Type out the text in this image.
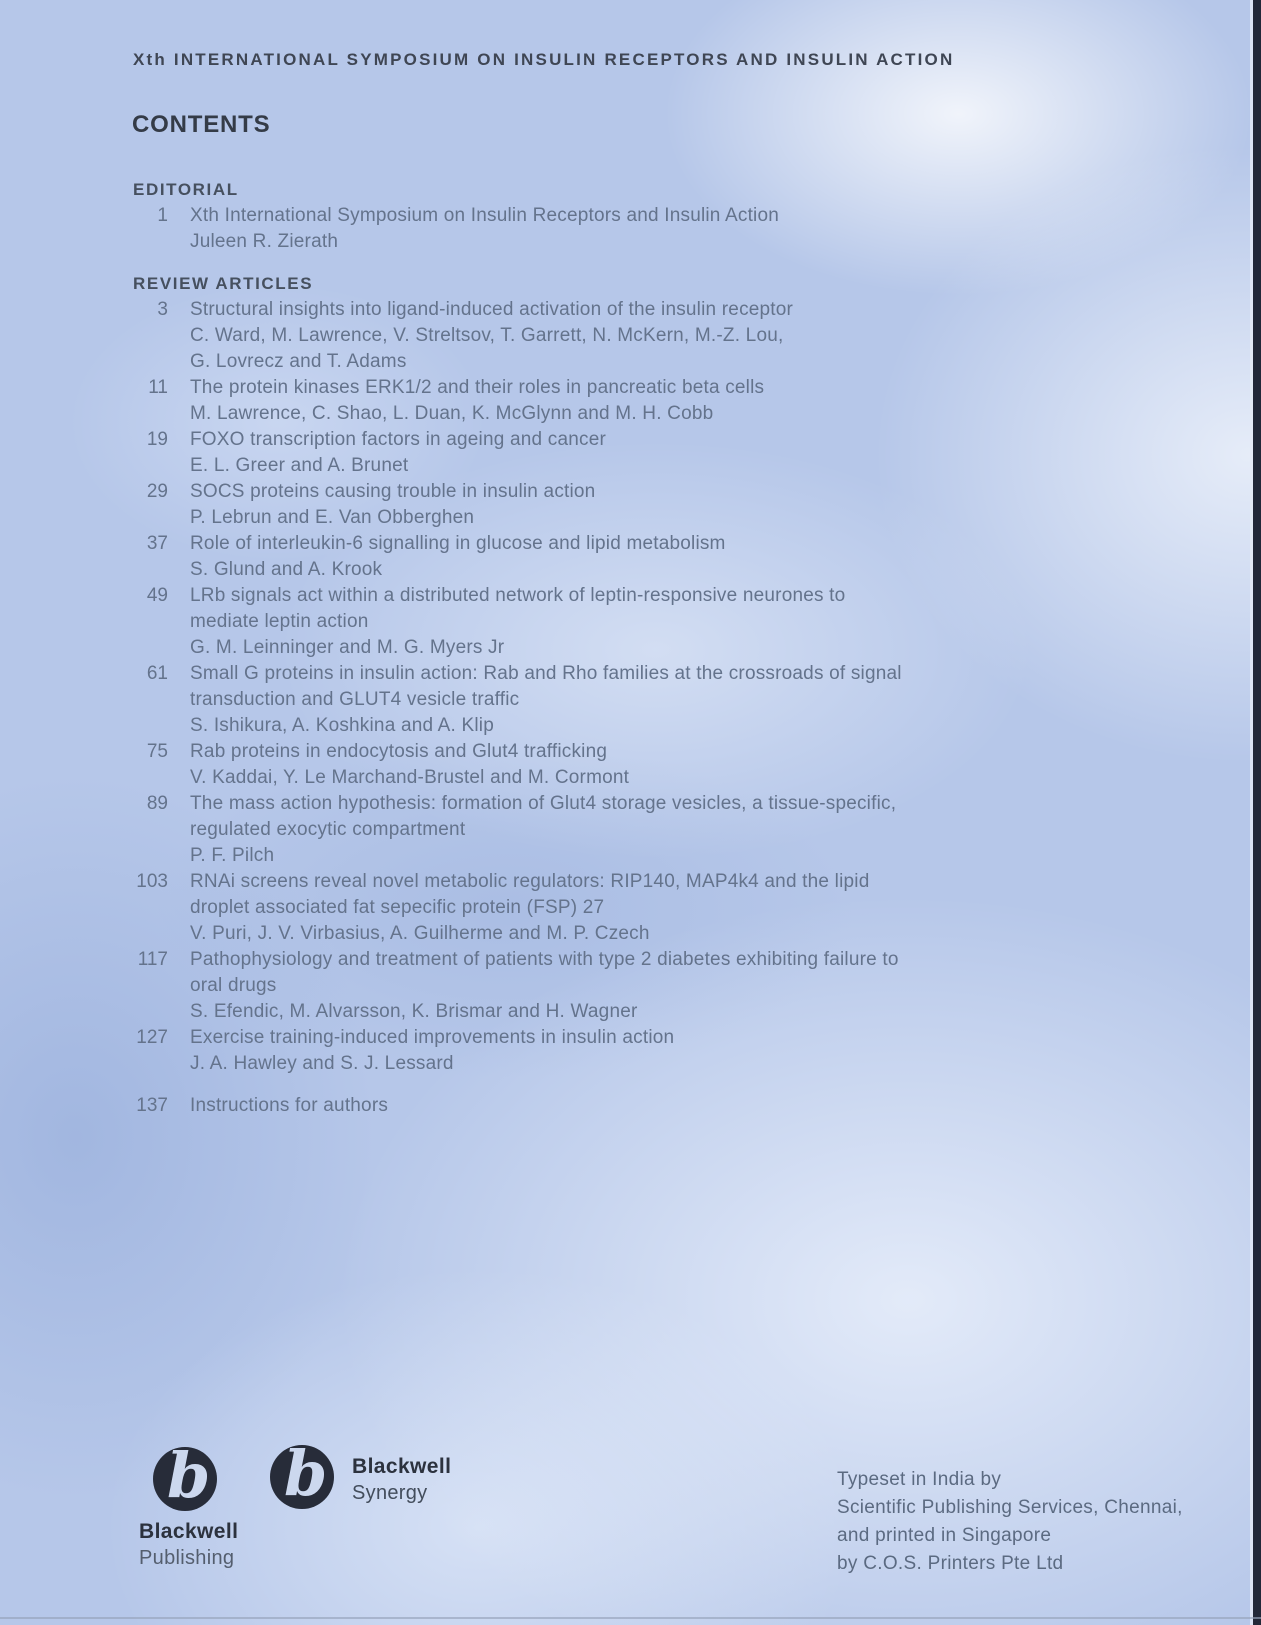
Xth INTERNATIONAL SYMPOSIUM ON INSULIN RECEPTORS AND INSULIN ACTION
CONTENTS
EDITORIAL
1 Xth International Symposium on Insulin Receptors and Insulin Action
Juleen R. Zierath
REVIEW ARTICLES
3 Structural insights into ligand-induced activation of the insulin receptor
C. Ward, M. Lawrence, V. Streltsov, T. Garrett, N. McKern, M.-Z. Lou,
G. Lovrecz and T. Adams
11 The protein kinases ERK1/2 and their roles in pancreatic beta cells
M. Lawrence, C. Shao, L. Duan, K. McGlynn and M. H. Cobb
19 FOXO transcription factors in ageing and cancer
E. L. Greer and A. Brunet
29 SOCS proteins causing trouble in insulin action
P. Lebrun and E. Van Obberghen
37 Role of interleukin-6 signalling in glucose and lipid metabolism
S. Glund and A. Krook
49 LRb signals act within a distributed network of leptin-responsive neurones to
mediate leptin action
G. M. Leinninger and M. G. Myers Jr
61 Small G proteins in insulin action: Rab and Rho families at the crossroads of signal
transduction and GLUT4 vesicle traffic
S. Ishikura, A. Koshkina and A. Klip
75 Rab proteins in endocytosis and Glut4 trafficking
V. Kaddai, Y. Le Marchand-Brustel and M. Cormont
89 The mass action hypothesis: formation of Glut4 storage vesicles, a tissue-specific,
regulated exocytic compartment
P. F. Pilch
103 RNAi screens reveal novel metabolic regulators: RIP140, MAP4k4 and the lipid
droplet associated fat sepecific protein (FSP) 27
V. Puri, J. V. Virbasius, A. Guilherme and M. P. Czech
117 Pathophysiology and treatment of patients with type 2 diabetes exhibiting failure to
oral drugs
S. Efendic, M. Alvarsson, K. Brismar and H. Wagner
127 Exercise training-induced improvements in insulin action
J. A. Hawley and S. J. Lessard
137 Instructions for authors
b
Blackwell
Publishing
b Blackwell
Synergy
Typeset in India by
Scientific Publishing Services, Chennai,
and printed in Singapore
by C.O.S. Printers Pte Ltd
